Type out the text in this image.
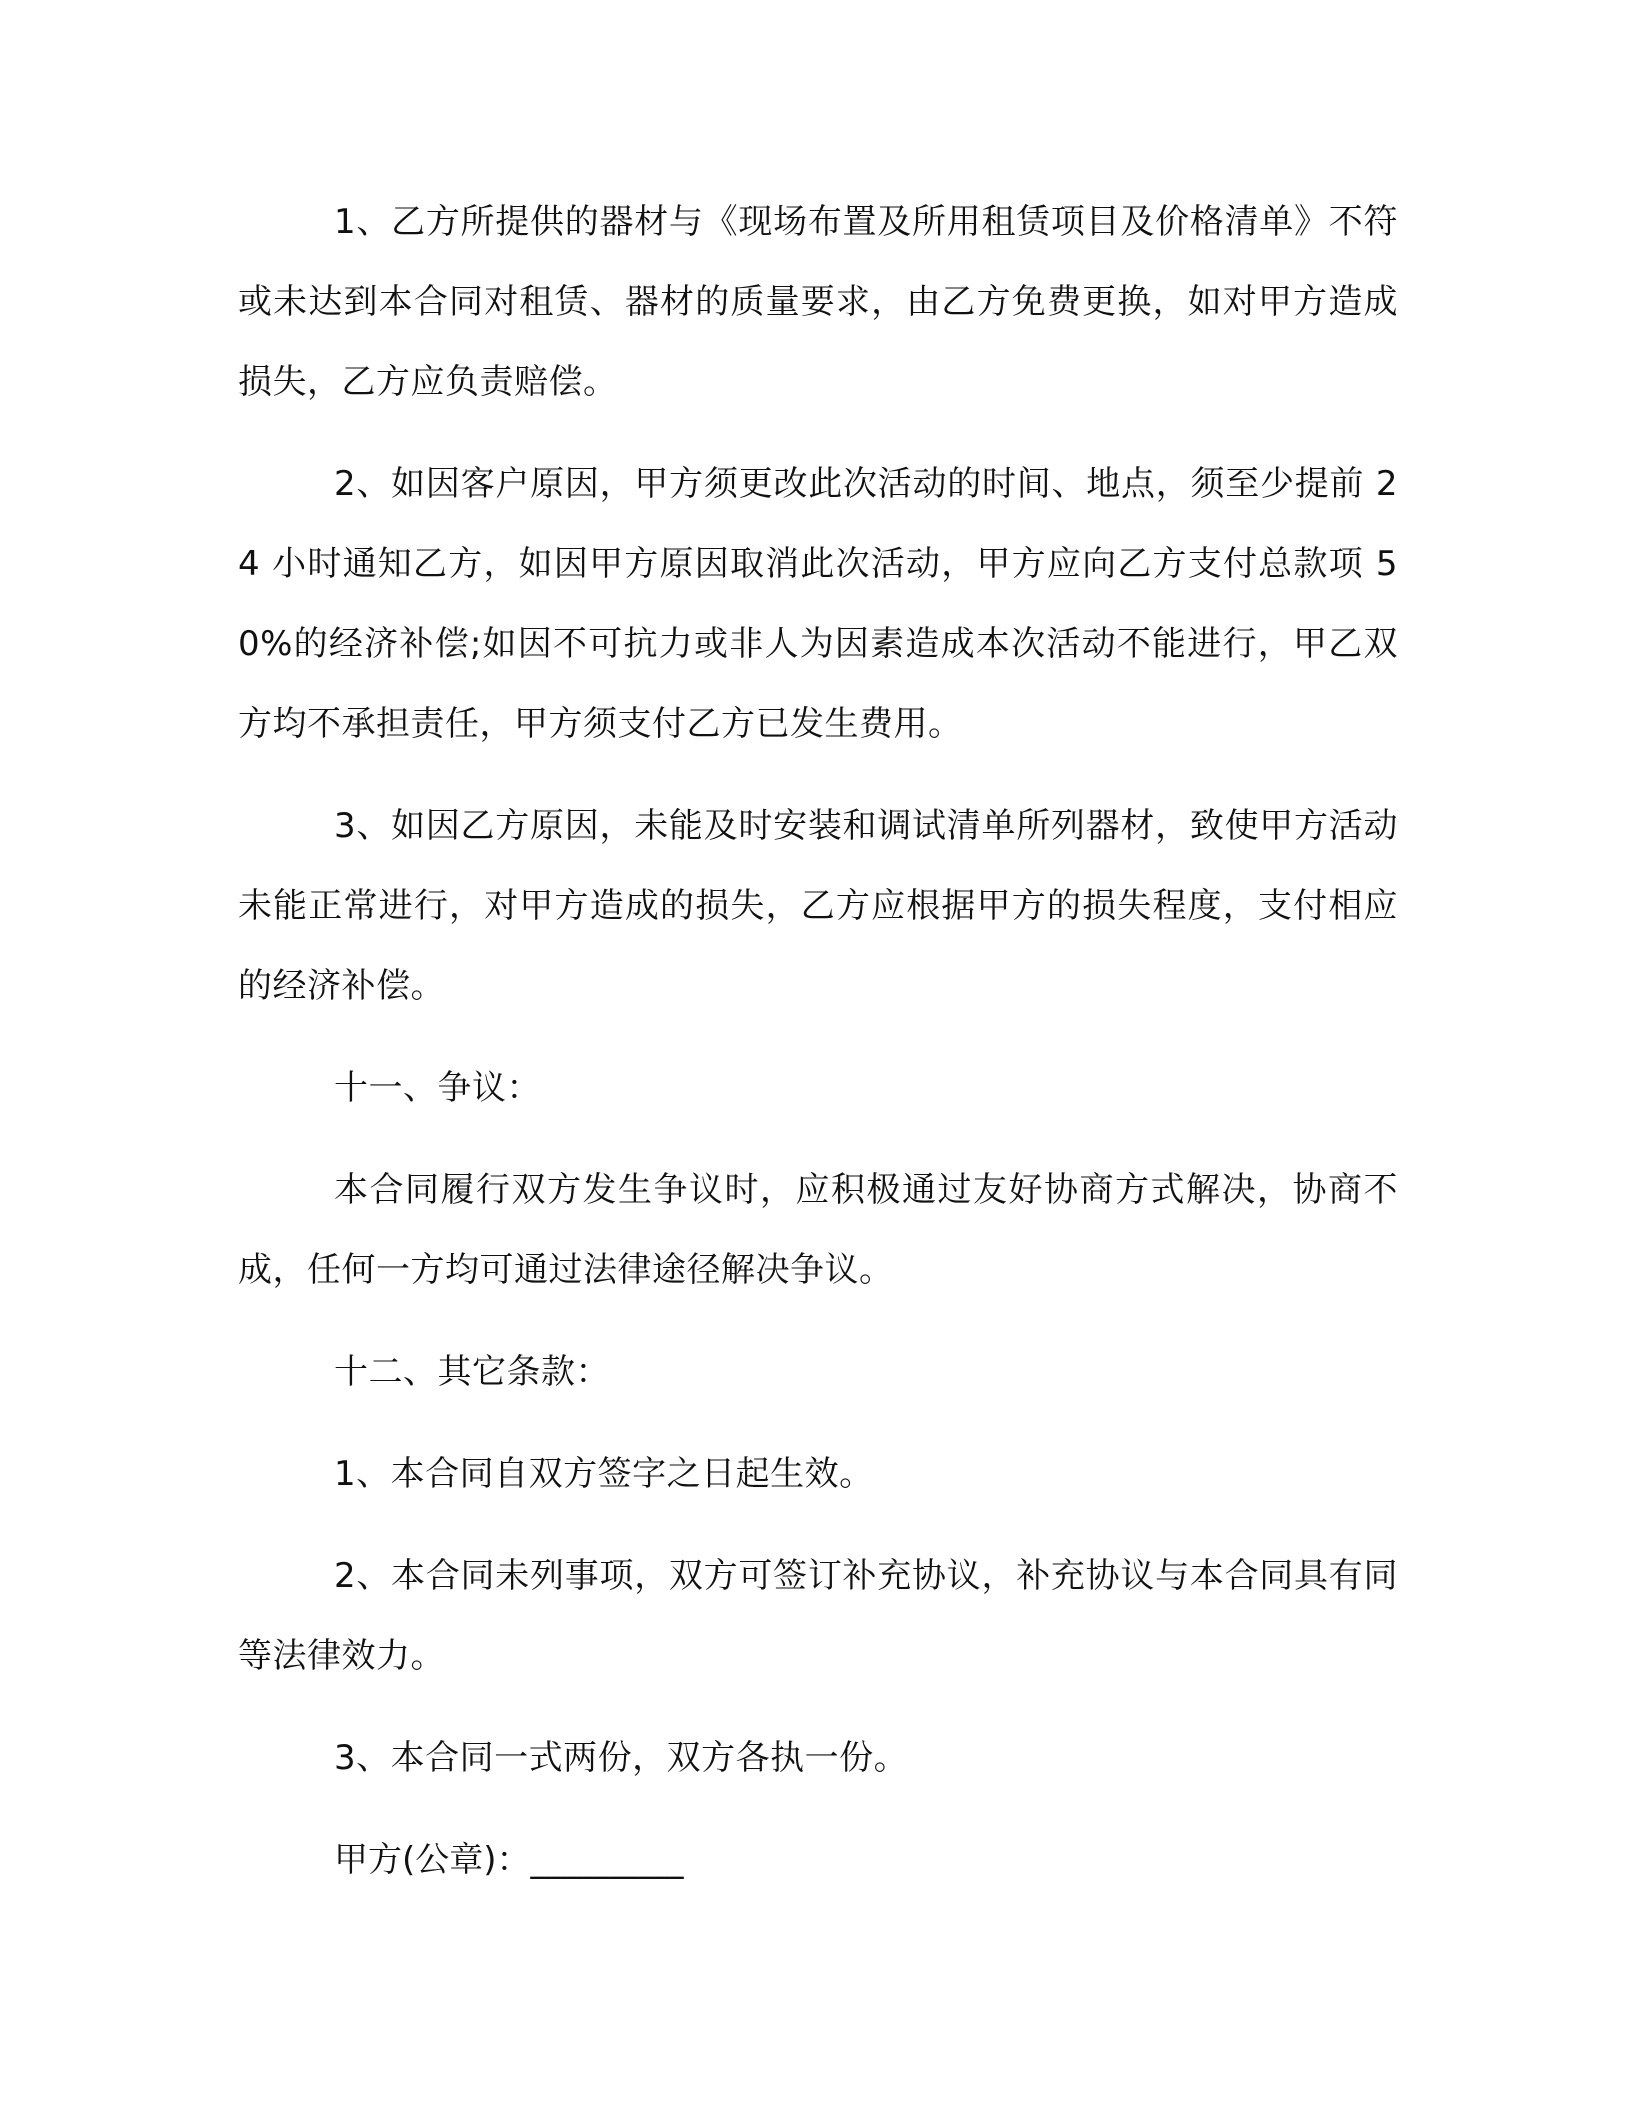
1、乙方所提供的器材与《现场布置及所用租赁项目及价格清单》不符或未达到本合同对租赁、器材的质量要求，由乙方免费更换，如对甲方造成损失，乙方应负责赔偿。

2、如因客户原因，甲方须更改此次活动的时间、地点，须至少提前 24 小时通知乙方，如因甲方原因取消此次活动，甲方应向乙方支付总款项 50%的经济补偿;如因不可抗力或非人为因素造成本次活动不能进行，甲乙双方均不承担责任，甲方须支付乙方已发生费用。

3、如因乙方原因，未能及时安装和调试清单所列器材，致使甲方活动未能正常进行，对甲方造成的损失，乙方应根据甲方的损失程度，支付相应的经济补偿。

十一、争议：

本合同履行双方发生争议时，应积极通过友好协商方式解决，协商不成，任何一方均可通过法律途径解决争议。

十二、其它条款：

1、本合同自双方签字之日起生效。

2、本合同未列事项，双方可签订补充协议，补充协议与本合同具有同等法律效力。

3、本合同一式两份，双方各执一份。

甲方(公章)：_________
